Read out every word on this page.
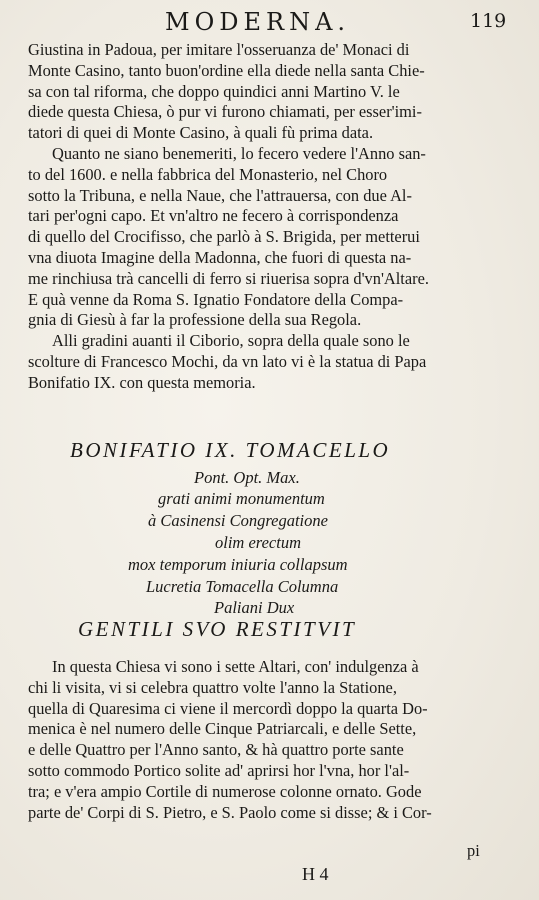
MODERNA.	119
Giustina in Padoua, per imitare l'osseruanza de' Monaci di
Monte Casino, tanto buon'ordine ella diede nella santa Chie-
sa con tal riforma, che doppo quindici anni Martino V. le
diede questa Chiesa, ò pur vi furono chiamati, per esser'imi-
tatori di quei di Monte Casino, à quali fù prima data.
Quanto ne siano benemeriti, lo fecero vedere l'Anno san-
to del 1600. e nella fabbrica del Monasterio, nel Choro
sotto la Tribuna, e nella Naue, che l'attrauersa, con due Al-
tari per'ogni capo. Et vn'altro ne fecero à corrispondenza
di quello del Crocifisso, che parlò à S. Brigida, per metterui
vna diuota Imagine della Madonna, che fuori di questa na-
me rinchiusa trà cancelli di ferro si riuerisa sopra d'vn'Altare.
E quà venne da Roma S. Ignatio Fondatore della Compa-
gnia di Giesù à far la professione della sua Regola.
Alli gradini auanti il Ciborio, sopra della quale sono le
scolture di Francesco Mochi, da vn lato vi è la statua di Papa
Bonifatio IX. con questa memoria.
BONIFATIO IX. TOMACELLO
Pont. Opt. Max.
grati animi monumentum
à Casinensi Congregatione
olim erectum
mox temporum iniuria collapsum
Lucretia Tomacella Columna
Paliani Dux
GENTILI SVO RESTITVIT
In questa Chiesa vi sono i sette Altari, con' indulgenza à
chi li visita, vi si celebra quattro volte l'anno la Statione,
quella di Quaresima ci viene il mercordì doppo la quarta Do-
menica è nel numero delle Cinque Patriarcali, e delle Sette,
e delle Quattro per l'Anno santo, & hà quattro porte sante
sotto commodo Portico solite ad' aprirsi hor l'vna, hor l'al-
tra; e v'era ampio Cortile di numerose colonne ornato. Gode
parte de' Corpi di S. Pietro, e S. Paolo come si disse; & i Cor-
H 4
pi
